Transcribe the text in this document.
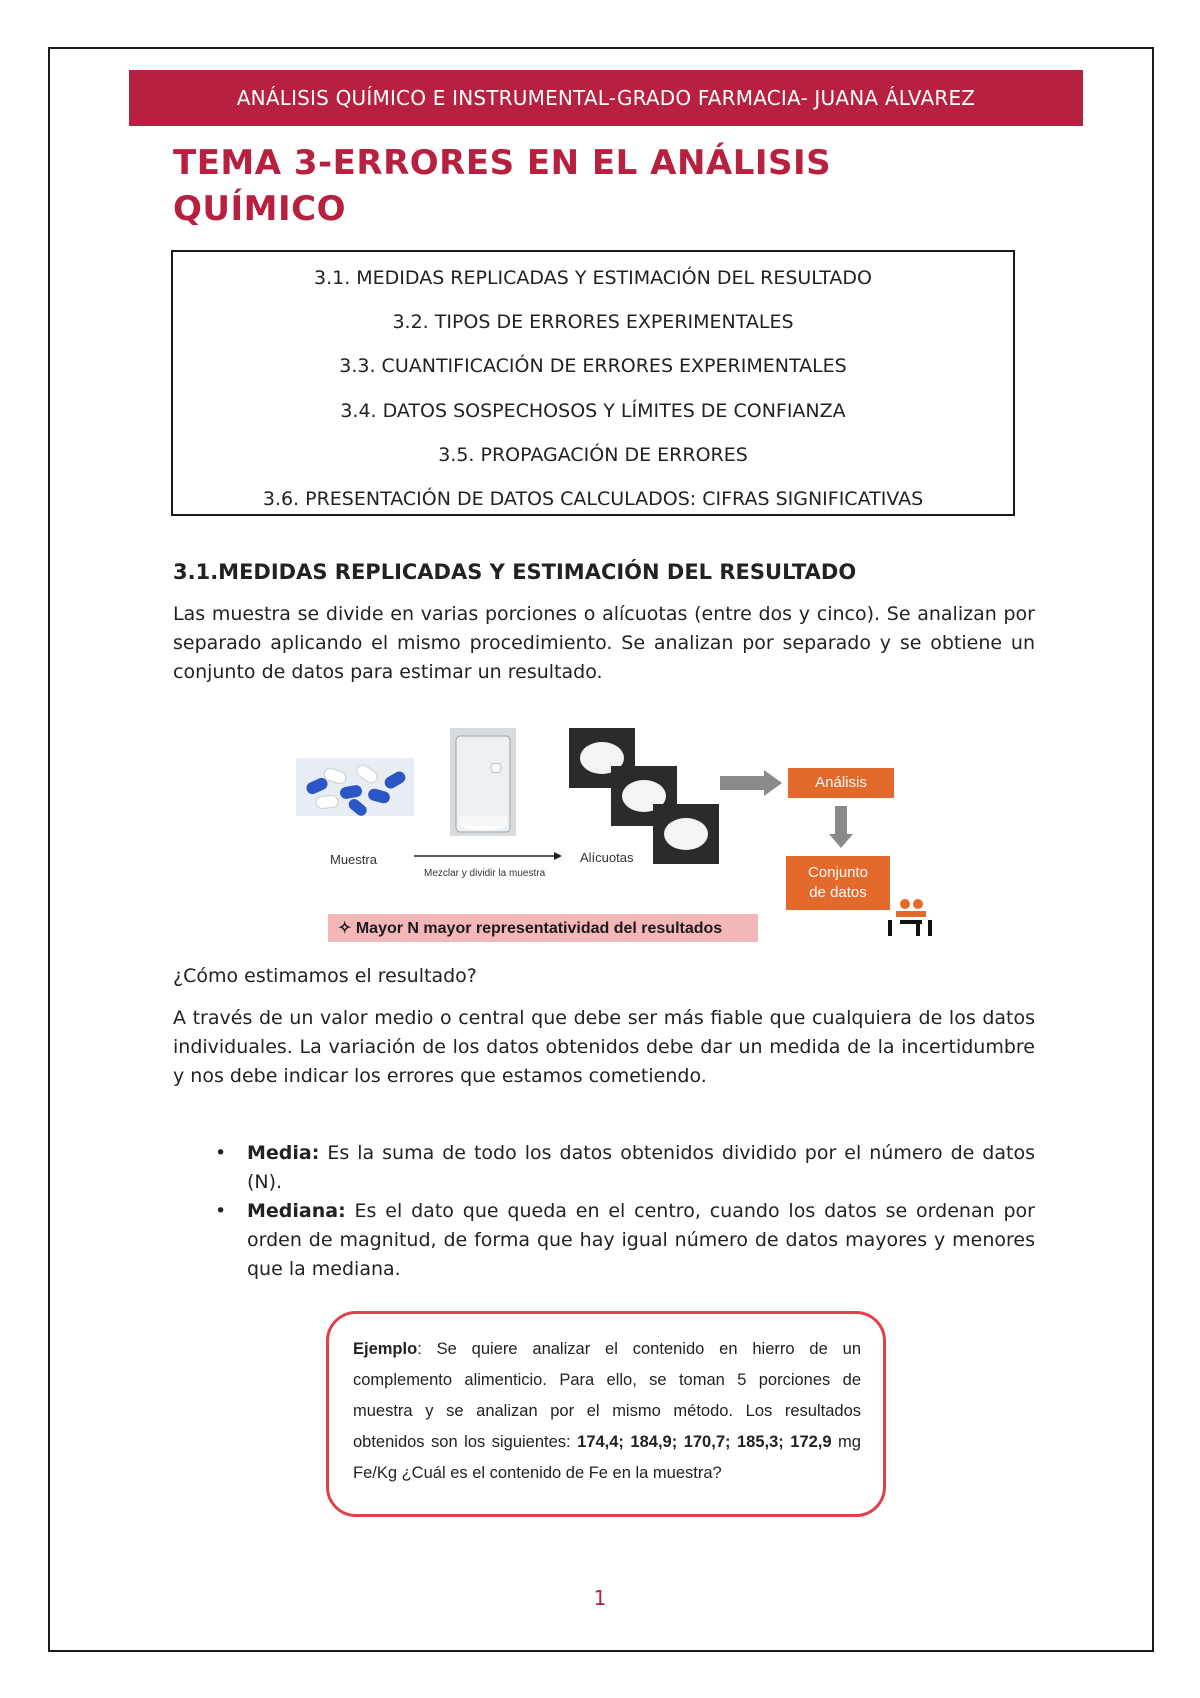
ANÁLISIS QUÍMICO E INSTRUMENTAL-GRADO FARMACIA- JUANA ÁLVAREZ
TEMA 3-ERRORES EN EL ANÁLISIS
QUÍMICO
3.1. MEDIDAS REPLICADAS Y ESTIMACIÓN DEL RESULTADO
3.2. TIPOS DE ERRORES EXPERIMENTALES
3.3. CUANTIFICACIÓN DE ERRORES EXPERIMENTALES
3.4. DATOS SOSPECHOSOS Y LÍMITES DE CONFIANZA
3.5. PROPAGACIÓN DE ERRORES
3.6. PRESENTACIÓN DE DATOS CALCULADOS: CIFRAS SIGNIFICATIVAS
3.1.MEDIDAS REPLICADAS Y ESTIMACIÓN DEL RESULTADO

Las muestra se divide en varias porciones o alícuotas (entre dos y cinco). Se analizan por separado aplicando el mismo procedimiento. Se analizan por separado y se obtiene un conjunto de datos para estimar un resultado.

Muestra
Mezclar y dividir la muestra
Alícuotas
Análisis
Conjunto
de datos
✧ Mayor N mayor representatividad del resultados

¿Cómo estimamos el resultado?

A través de un valor medio o central que debe ser más fiable que cualquiera de los datos individuales. La variación de los datos obtenidos debe dar un medida de la incertidumbre y nos debe indicar los errores que estamos cometiendo.

• Media: Es la suma de todo los datos obtenidos dividido por el número de datos (N).
• Mediana: Es el dato que queda en el centro, cuando los datos se ordenan por orden de magnitud, de forma que hay igual número de datos mayores y menores que la mediana.

Ejemplo: Se quiere analizar el contenido en hierro de un complemento alimenticio. Para ello, se toman 5 porciones de muestra y se analizan por el mismo método. Los resultados obtenidos son los siguientes: 174,4; 184,9; 170,7; 185,3; 172,9 mg Fe/Kg ¿Cuál es el contenido de Fe en la muestra?

1
